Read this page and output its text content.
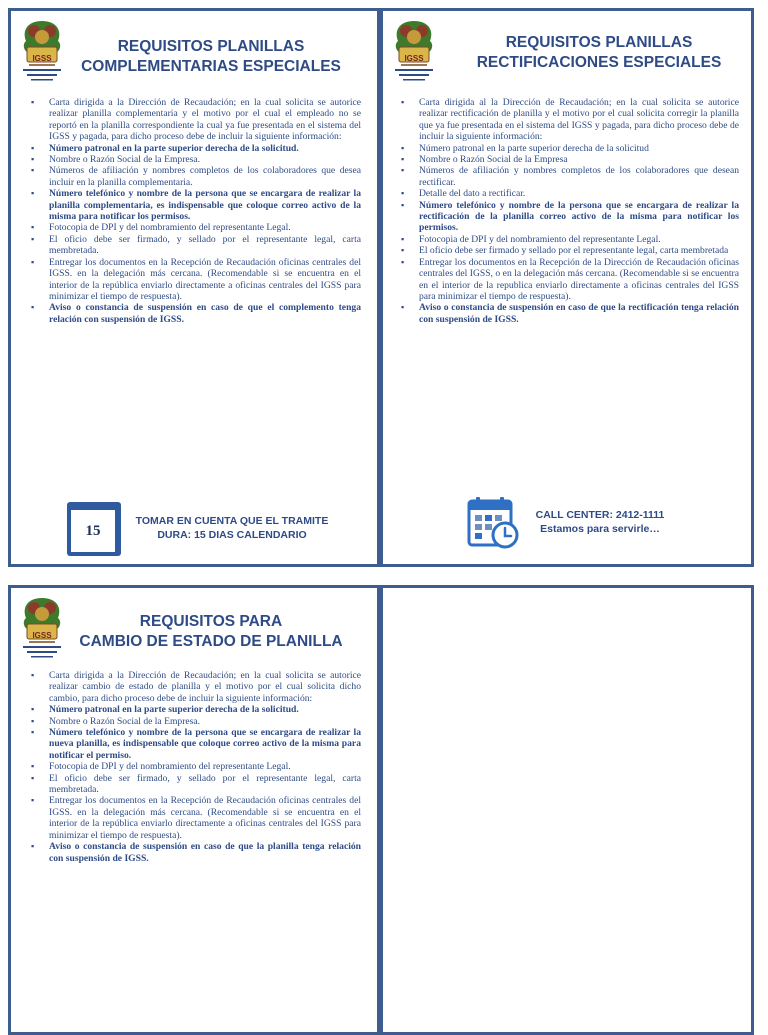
IGSS
REQUISITOS PLANILLAS
COMPLEMENTARIAS ESPECIALES
▪ Carta dirigida a la Dirección de Recaudación; en la cual solicita se autorice realizar planilla complementaria y el motivo por el cual el empleado no se reportó en la planilla correspondiente la cual ya fue presentada en el sistema del IGSS y pagada, para dicho proceso debe de incluir la siguiente información:
▪ Número patronal en la parte superior derecha de la solicitud.
▪ Nombre o Razón Social de la Empresa.
▪ Números de afiliación y nombres completos de los colaboradores que desea incluir en la planilla complementaria.
▪ Número telefónico y nombre de la persona que se encargara de realizar la planilla complementaria, es indispensable que coloque correo activo de la misma para notificar los permisos.
▪ Fotocopia de DPI y del nombramiento del representante Legal.
▪ El oficio debe ser firmado, y sellado por el representante legal, carta membretada.
▪ Entregar los documentos en la Recepción de Recaudación oficinas centrales del IGSS. en la delegación más cercana. (Recomendable si se encuentra en el interior de la república enviarlo directamente a oficinas centrales del IGSS para minimizar el tiempo de respuesta).
▪ Aviso o constancia de suspensión en caso de que el complemento tenga relación con suspensión de IGSS.
15
TOMAR EN CUENTA QUE EL TRAMITE
DURA: 15 DIAS CALENDARIO
IGSS
REQUISITOS PLANILLAS
RECTIFICACIONES ESPECIALES
▪ Carta dirigida al la Dirección de Recaudación; en la cual solicita se autorice realizar rectificación de planilla y el motivo por el cual solicita corregir la planilla que ya fue presentada en el sistema del IGSS y pagada, para dicho proceso debe de incluir la siguiente información:
▪ Número patronal en la parte superior derecha de la solicitud
▪ Nombre o Razón Social de la Empresa
▪ Números de afiliación y nombres completos de los colaboradores que desean rectificar.
▪ Detalle del dato a rectificar.
▪ Número telefónico y nombre de la persona que se encargara de realizar la rectificación de la planilla correo activo de la misma para notificar los permisos.
▪ Fotocopia de DPI y del nombramiento del representante Legal.
▪ El oficio debe ser firmado y sellado por el representante legal, carta membretada
▪ Entregar los documentos en la Recepción de la Dirección de Recaudación oficinas centrales del IGSS, o en la delegación más cercana. (Recomendable si se encuentra en el interior de la republica enviarlo directamente a oficinas centrales del IGSS para minimizar el tiempo de respuesta).
▪ Aviso o constancia de suspensión en caso de que la rectificación tenga relación con suspensión de IGSS.
CALL CENTER: 2412-1111
Estamos para servirle…
IGSS
REQUISITOS PARA
CAMBIO DE ESTADO DE PLANILLA
▪ Carta dirigida a la Dirección de Recaudación; en la cual solicita se autorice realizar cambio de estado de planilla y el motivo por el cual solicita dicho cambio, para dicho proceso debe de incluir la siguiente información:
▪ Número patronal en la parte superior derecha de la solicitud.
▪ Nombre o Razón Social de la Empresa.
▪ Número telefónico y nombre de la persona que se encargara de realizar la nueva planilla, es indispensable que coloque correo activo de la misma para notificar el permiso.
▪ Fotocopia de DPI y del nombramiento del representante Legal.
▪ El oficio debe ser firmado, y sellado por el representante legal, carta membretada.
▪ Entregar los documentos en la Recepción de Recaudación oficinas centrales del IGSS. en la delegación más cercana. (Recomendable si se encuentra en el interior de la república enviarlo directamente a oficinas centrales del IGSS para minimizar el tiempo de respuesta).
▪ Aviso o constancia de suspensión en caso de que la planilla tenga relación con suspensión de IGSS.
